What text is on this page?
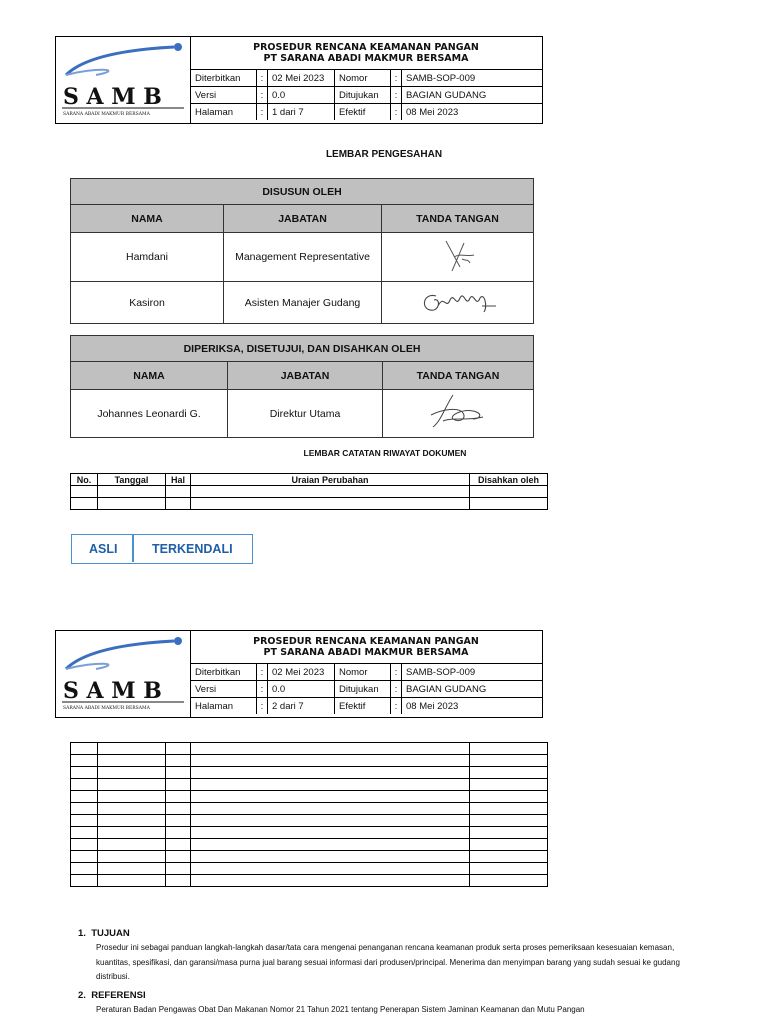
S A M B
SARANA ABADI MAKMUR BERSAMA
PROSEDUR RENCANA KEAMANAN PANGAN
PT SARANA ABADI MAKMUR BERSAMA
Diterbitkan	:	02 Mei 2023	Nomor	:	SAMB-SOP-009
Versi	:	0.0	Ditujukan	:	BAGIAN GUDANG
Halaman	:	1 dari 7	Efektif	:	08 Mei 2023
LEMBAR PENGESAHAN
DISUSUN OLEH		
NAMA	JABATAN	TANDA TANGAN
Hamdani	Management Representative	
Kasiron	Asisten Manajer Gudang	
DIPERIKSA, DISETUJUI, DAN DISAHKAN OLEH		
NAMA	JABATAN	TANDA TANGAN
Johannes Leonardi G.	Direktur Utama	
LEMBAR CATATAN RIWAYAT DOKUMEN
No.	Tanggal	Hal	Uraian Perubahan	Disahkan oleh

ASLI	TERKENDALI
S A M B
SARANA ABADI MAKMUR BERSAMA
PROSEDUR RENCANA KEAMANAN PANGAN
PT SARANA ABADI MAKMUR BERSAMA
Diterbitkan	:	02 Mei 2023	Nomor	:	SAMB-SOP-009
Versi	:	0.0	Ditujukan	:	BAGIAN GUDANG
Halaman	:	2 dari 7	Efektif	:	08 Mei 2023

1. TUJUAN
Prosedur ini sebagai panduan langkah-langkah dasar/tata cara mengenai penanganan rencana keamanan produk serta proses pemeriksaan kesesuaian kemasan, kuantitas, spesifikasi, dan garansi/masa purna jual barang sesuai informasi dari produsen/principal. Menerima dan menyimpan barang yang sudah sesuai ke gudang distribusi.
2. REFERENSI
Peraturan Badan Pengawas Obat Dan Makanan Nomor 21 Tahun 2021 tentang Penerapan Sistem Jaminan Keamanan dan Mutu Pangan
